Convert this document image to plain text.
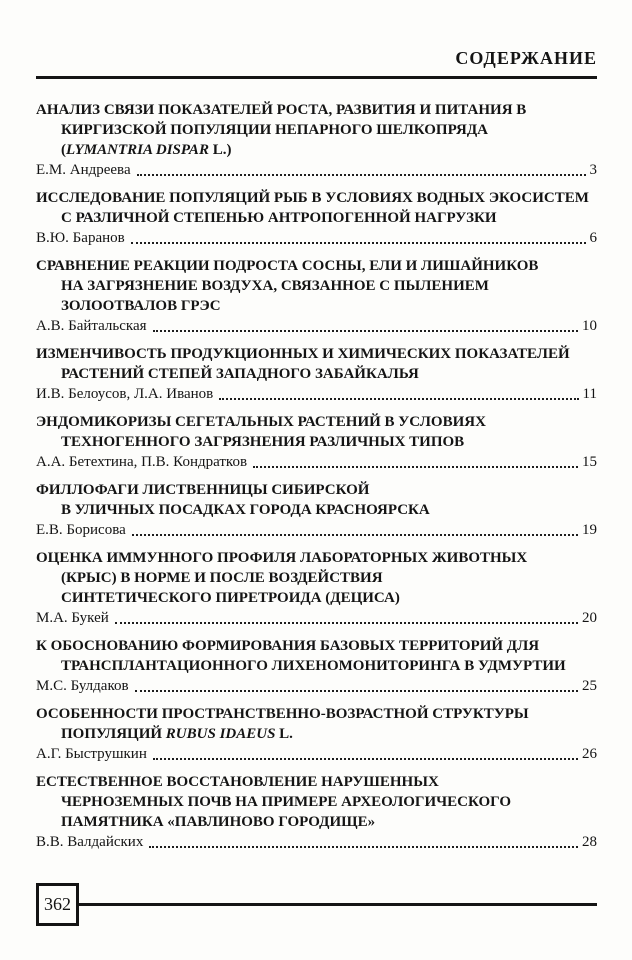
СОДЕРЖАНИЕ
АНАЛИЗ СВЯЗИ ПОКАЗАТЕЛЕЙ РОСТА, РАЗВИТИЯ И ПИТАНИЯ В
КИРГИЗСКОЙ ПОПУЛЯЦИИ НЕПАРНОГО ШЕЛКОПРЯДА
(LYMANTRIA DISPAR L.)
Е.М. Андреева	3
ИССЛЕДОВАНИЕ ПОПУЛЯЦИЙ РЫБ В УСЛОВИЯХ ВОДНЫХ ЭКОСИСТЕМ
С РАЗЛИЧНОЙ СТЕПЕНЬЮ АНТРОПОГЕННОЙ НАГРУЗКИ
В.Ю. Баранов	6
СРАВНЕНИЕ РЕАКЦИИ ПОДРОСТА СОСНЫ, ЕЛИ И ЛИШАЙНИКОВ
НА ЗАГРЯЗНЕНИЕ ВОЗДУХА, СВЯЗАННОЕ С ПЫЛЕНИЕМ
ЗОЛООТВАЛОВ ГРЭС
А.В. Байтальская	10
ИЗМЕНЧИВОСТЬ ПРОДУКЦИОННЫХ И ХИМИЧЕСКИХ ПОКАЗАТЕЛЕЙ
РАСТЕНИЙ СТЕПЕЙ ЗАПАДНОГО ЗАБАЙКАЛЬЯ
И.В. Белоусов, Л.А. Иванов	11
ЭНДОМИКОРИЗЫ СЕГЕТАЛЬНЫХ РАСТЕНИЙ В УСЛОВИЯХ
ТЕХНОГЕННОГО ЗАГРЯЗНЕНИЯ РАЗЛИЧНЫХ ТИПОВ
А.А. Бетехтина, П.В. Кондратков	15
ФИЛЛОФАГИ ЛИСТВЕННИЦЫ СИБИРСКОЙ
В УЛИЧНЫХ ПОСАДКАХ ГОРОДА КРАСНОЯРСКА
Е.В. Борисова	19
ОЦЕНКА ИММУННОГО ПРОФИЛЯ ЛАБОРАТОРНЫХ ЖИВОТНЫХ
(КРЫС) В НОРМЕ И ПОСЛЕ ВОЗДЕЙСТВИЯ
СИНТЕТИЧЕСКОГО ПИРЕТРОИДА (ДЕЦИСА)
М.А. Букей	20
К ОБОСНОВАНИЮ ФОРМИРОВАНИЯ БАЗОВЫХ ТЕРРИТОРИЙ ДЛЯ
ТРАНСПЛАНТАЦИОННОГО ЛИХЕНОМОНИТОРИНГА В УДМУРТИИ
М.С. Булдаков	25
ОСОБЕННОСТИ ПРОСТРАНСТВЕННО-ВОЗРАСТНОЙ СТРУКТУРЫ
ПОПУЛЯЦИЙ RUBUS IDAEUS L.
А.Г. Быструшкин	26
ЕСТЕСТВЕННОЕ ВОССТАНОВЛЕНИЕ НАРУШЕННЫХ
ЧЕРНОЗЕМНЫХ ПОЧВ НА ПРИМЕРЕ АРХЕОЛОГИЧЕСКОГО
ПАМЯТНИКА «ПАВЛИНОВО ГОРОДИЩЕ»
В.В. Валдайских	28
362
